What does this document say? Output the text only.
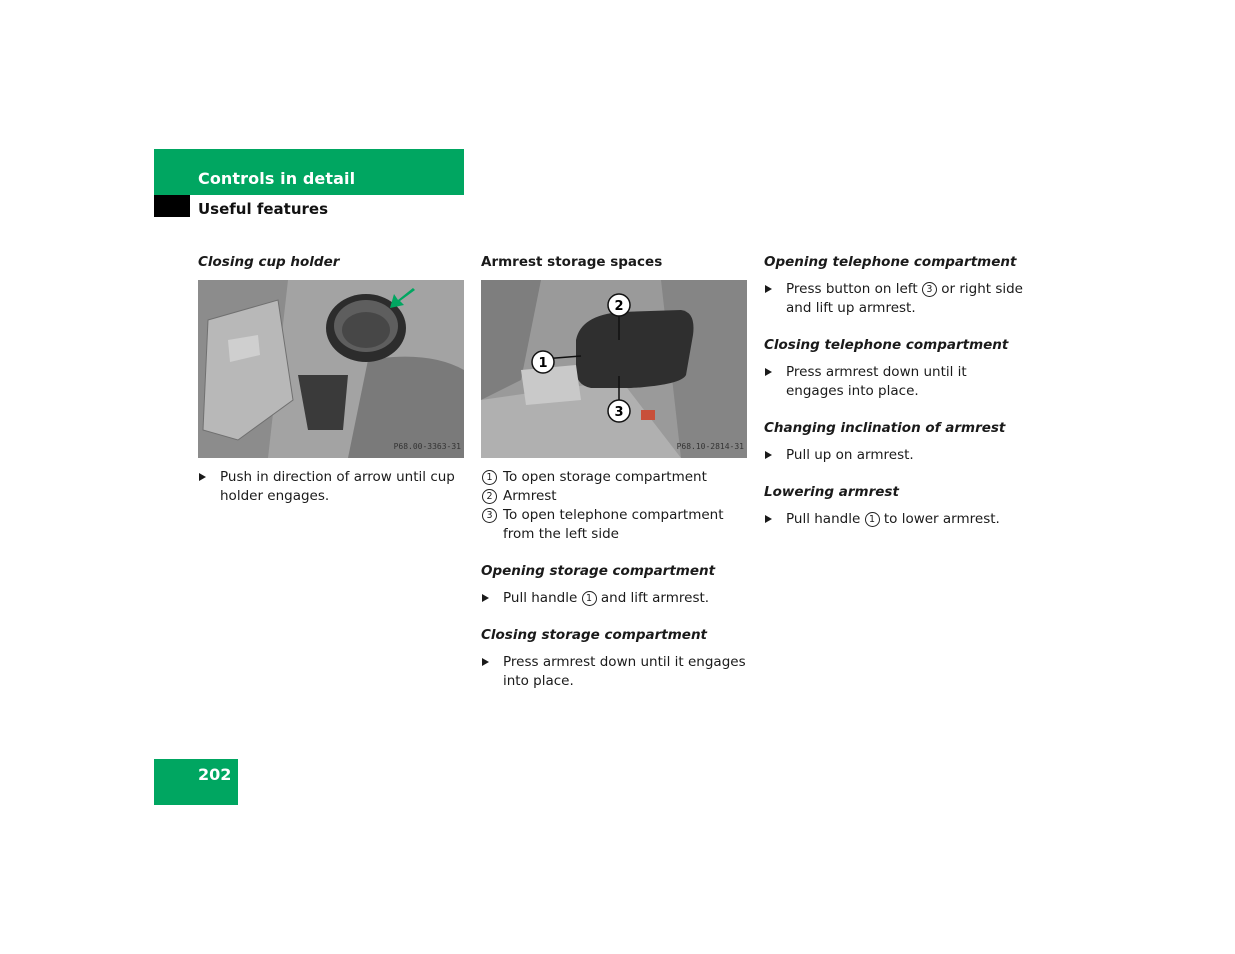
Controls in detail
Useful features

Closing cup holder

P68.00-3363-31

Push in direction of arrow until cup holder engages.

Armrest storage spaces

1
2
3
P68.10-2814-31

1 To open storage compartment

2 Armrest

3 To open telephone compartment from the left side

Opening storage compartment

Pull handle 1 and lift armrest.

Closing storage compartment

Press armrest down until it engages into place.

Opening telephone compartment

Press button on left 3 or right side and lift up armrest.

Closing telephone compartment

Press armrest down until it engages into place.

Changing inclination of armrest

Pull up on armrest.

Lowering armrest

Pull handle 1 to lower armrest.

202
